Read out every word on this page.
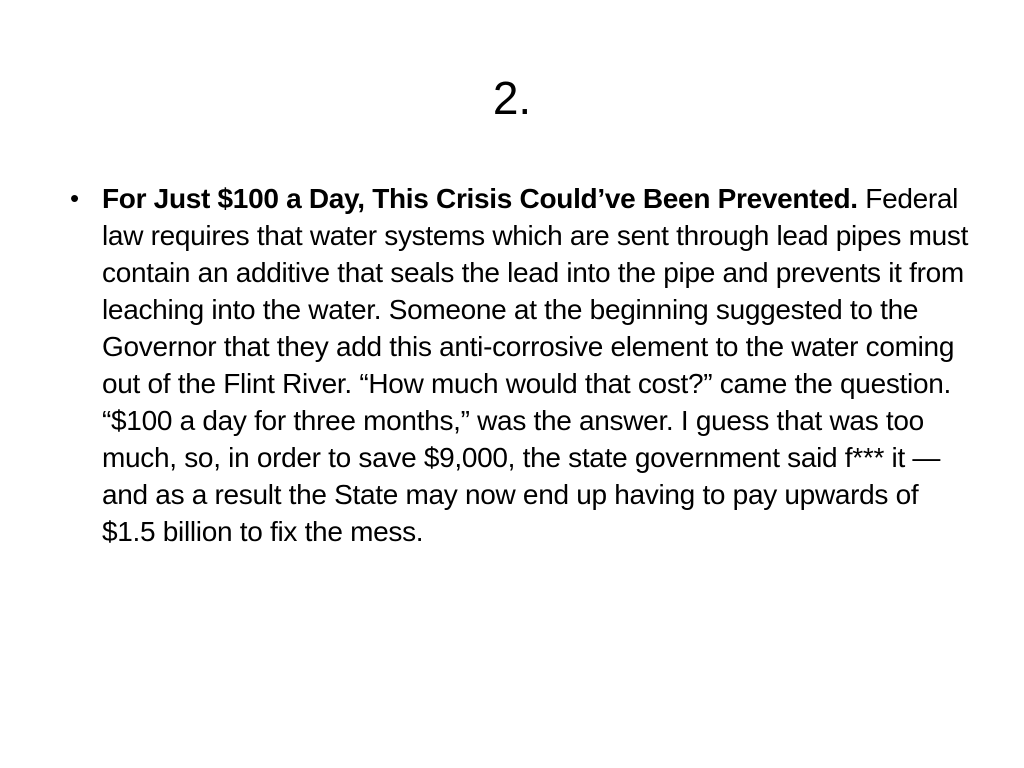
2.
• For Just $100 a Day, This Crisis Could’ve Been Prevented. Federal law requires that water systems which are sent through lead pipes must contain an additive that seals the lead into the pipe and prevents it from leaching into the water. Someone at the beginning suggested to the Governor that they add this anti-corrosive element to the water coming out of the Flint River. “How much would that cost?” came the question. “$100 a day for three months,” was the answer. I guess that was too much, so, in order to save $9,000, the state government said f*** it — and as a result the State may now end up having to pay upwards of $1.5 billion to fix the mess.
